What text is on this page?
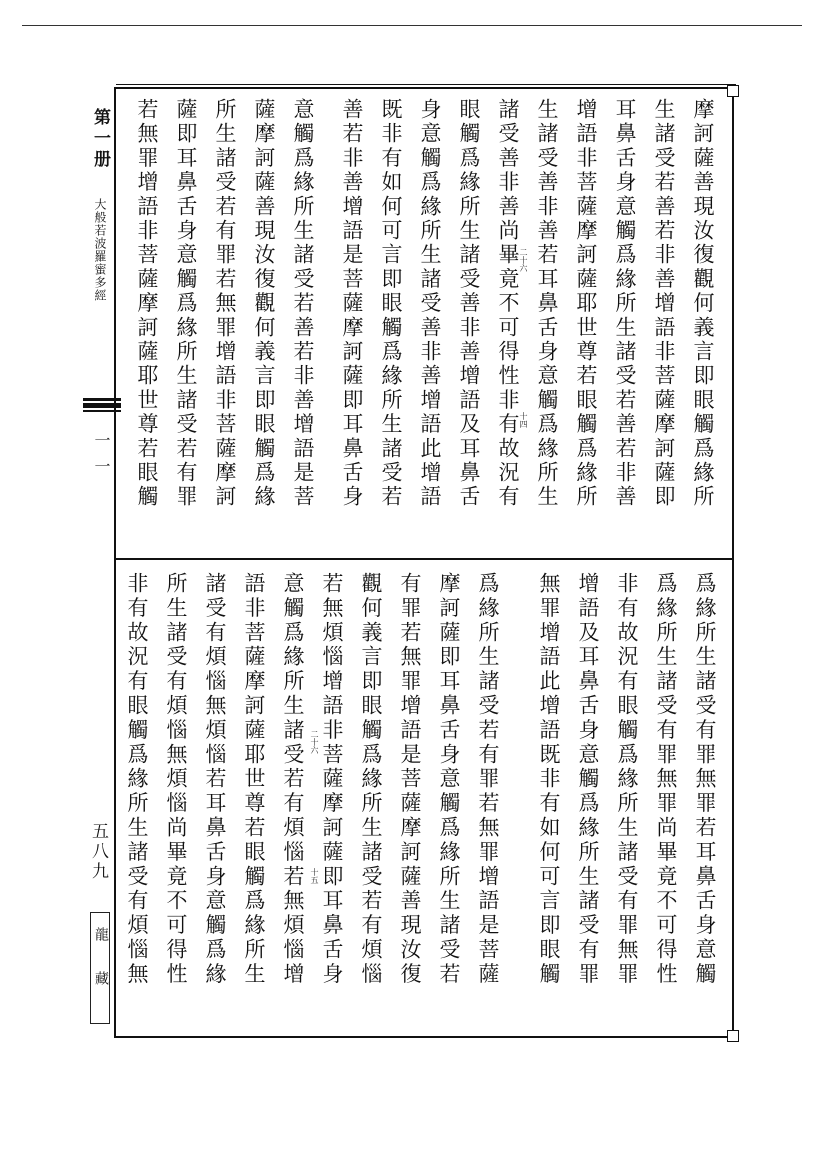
第一册
大般若波羅蜜多經
一一
五八九
龍藏
摩訶薩善現汝復觀何義言即眼觸爲緣所
生諸受若善若非善增語非菩薩摩訶薩即
耳鼻舌身意觸爲緣所生諸受若善若非善
增語非菩薩摩訶薩耶世尊若眼觸爲緣所
生諸受善非善若耳鼻舌身意觸爲緣所生
諸受善非善尚畢竟不可得性非有故況有
眼觸爲緣所生諸受善非善增語及耳鼻舌
身意觸爲緣所生諸受善非善增語此增語
既非有如何可言即眼觸爲緣所生諸受若
善若非善增語是菩薩摩訶薩即耳鼻舌身
意觸爲緣所生諸受若善若非善增語是菩
薩摩訶薩善現汝復觀何義言即眼觸爲緣
所生諸受若有罪若無罪增語非菩薩摩訶
薩即耳鼻舌身意觸爲緣所生諸受若有罪
若無罪增語非菩薩摩訶薩耶世尊若眼觸	二十六
十四
爲緣所生諸受有罪無罪若耳鼻舌身意觸
爲緣所生諸受有罪無罪尚畢竟不可得性
非有故況有眼觸爲緣所生諸受有罪無罪
增語及耳鼻舌身意觸爲緣所生諸受有罪
無罪增語此增語既非有如何可言即眼觸
爲緣所生諸受若有罪若無罪增語是菩薩
摩訶薩即耳鼻舌身意觸爲緣所生諸受若
有罪若無罪增語是菩薩摩訶薩善現汝復
觀何義言即眼觸爲緣所生諸受若有煩惱
若無煩惱增語非菩薩摩訶薩即耳鼻舌身
意觸爲緣所生諸受若有煩惱若無煩惱增
語非菩薩摩訶薩耶世尊若眼觸爲緣所生
諸受有煩惱無煩惱若耳鼻舌身意觸爲緣
所生諸受有煩惱無煩惱尚畢竟不可得性
非有故況有眼觸爲緣所生諸受有煩惱無	二十六
十五
